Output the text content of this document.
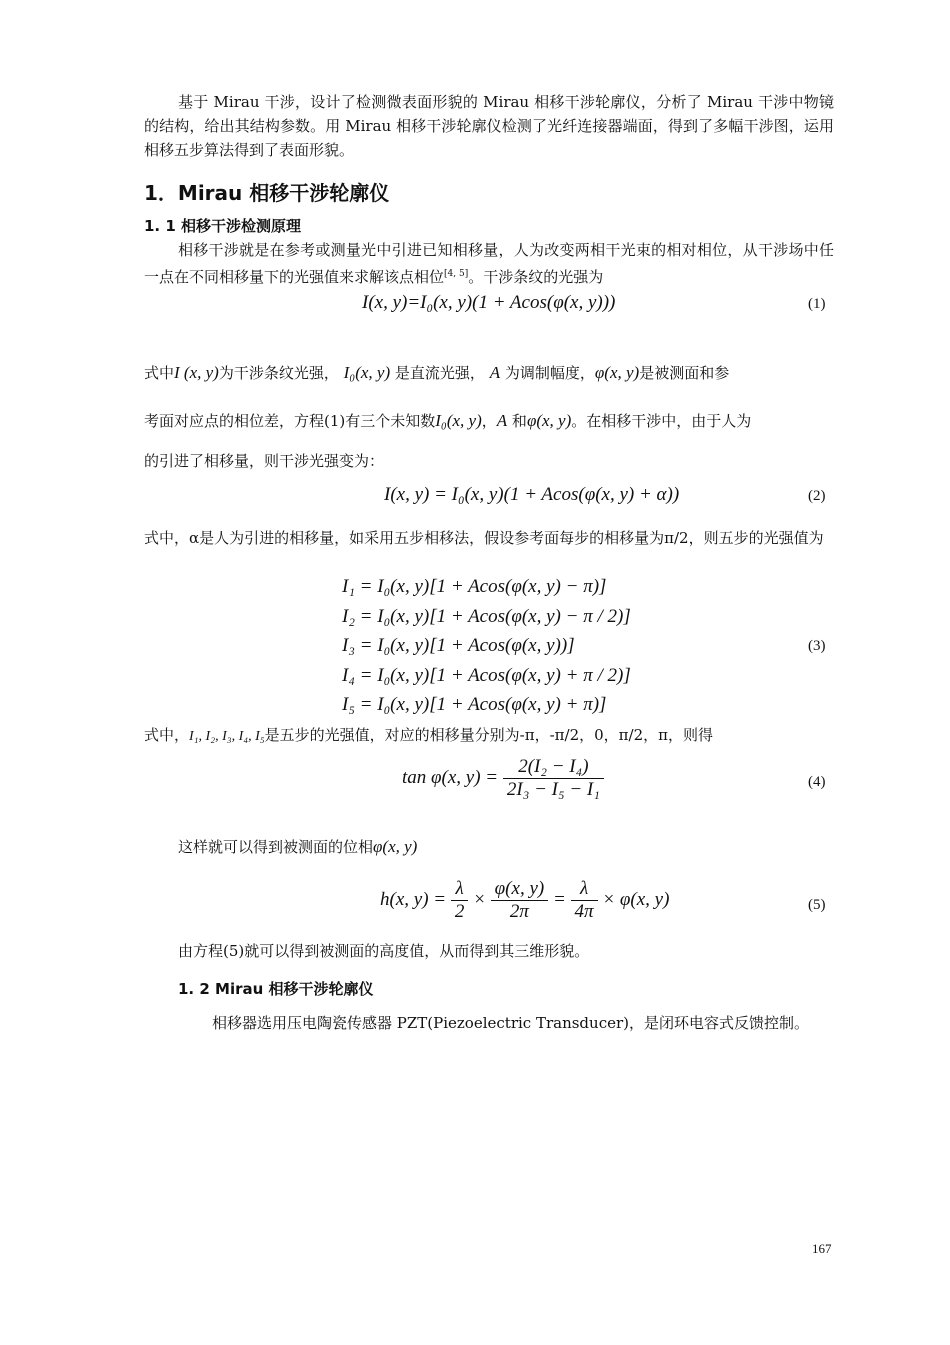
基于 Mirau 干涉，设计了检测微表面形貌的 Mirau 相移干涉轮廓仪，分析了 Mirau 干涉中物镜的结构，给出其结构参数。用 Mirau 相移干涉轮廓仪检测了光纤连接器端面，得到了多幅干涉图，运用相移五步算法得到了表面形貌。
1．Mirau 相移干涉轮廓仪
1. 1 相移干涉检测原理
相移干涉就是在参考或测量光中引进已知相移量，人为改变两相干光束的相对相位，从干涉场中任一点在不同相移量下的光强值来求解该点相位[4, 5]。干涉条纹的光强为
I(x, y)=I₀(x, y)(1 + Acos(φ(x, y)))	(1)
式中I (x, y)为干涉条纹光强， I₀(x, y) 是直流光强， A 为调制幅度，φ(x, y)是被测面和参
考面对应点的相位差，方程(1)有三个未知数I₀(x, y)，A 和φ(x, y)。在相移干涉中，由于人为
的引进了相移量，则干涉光强变为：
I(x, y) = I₀(x, y)(1 + Acos(φ(x, y) + α))	(2)
式中，α是人为引进的相移量，如采用五步相移法，假设参考面每步的相移量为π/2，则五步的光强值为
I₁ = I₀(x, y)[1 + Acos(φ(x, y) − π)]
I₂ = I₀(x, y)[1 + Acos(φ(x, y) − π / 2)]
I₃ = I₀(x, y)[1 + Acos(φ(x, y))]
I₄ = I₀(x, y)[1 + Acos(φ(x, y) + π / 2)]
I₅ = I₀(x, y)[1 + Acos(φ(x, y) + π)]
(3)
式中，I₁, I₂, I₃, I₄, I₅是五步的光强值，对应的相移量分别为-π，-π/2，0，π/2，π，则得
tan φ(x, $y) = \frac{\text{2(I₂ − I₄)}}{\text{2I₃ − I₅ − I₁}}$	(4)
这样就可以得到被测面的位相φ(x, y)
h(x, $y) = \frac{\lambda}{2} \times \frac{\varphi(x, y)}{2\pi} = \frac{\lambda}{4\pi} \times \varphi(x$, y)	(5)
由方程(5)就可以得到被测面的高度值，从而得到其三维形貌。
1. 2 Mirau 相移干涉轮廓仪
相移器选用压电陶瓷传感器 PZT(Piezoelectric Transducer)，是闭环电容式反馈控制。
167
